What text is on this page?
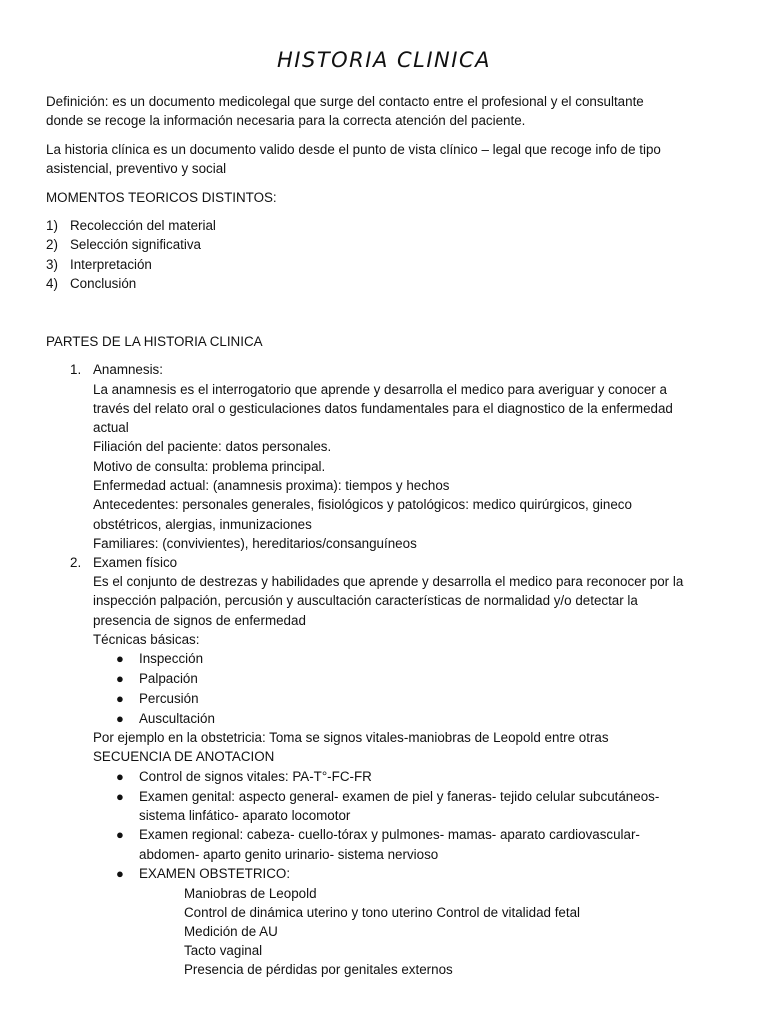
HISTORIA CLINICA
Definición: es un documento medicolegal que surge del contacto entre el profesional y el consultante
donde se recoge la información necesaria para la correcta atención del paciente.
La historia clínica es un documento valido desde el punto de vista clínico – legal que recoge info de tipo
asistencial, preventivo y social
MOMENTOS TEORICOS DISTINTOS:
1) Recolección del material
2) Selección significativa
3) Interpretación
4) Conclusión
PARTES DE LA HISTORIA CLINICA
1. Anamnesis:
La anamnesis es el interrogatorio que aprende y desarrolla el medico para averiguar y conocer a
través del relato oral o gesticulaciones datos fundamentales para el diagnostico de la enfermedad
actual
Filiación del paciente: datos personales.
Motivo de consulta: problema principal.
Enfermedad actual: (anamnesis proxima): tiempos y hechos
Antecedentes: personales generales, fisiológicos y patológicos: medico quirúrgicos, gineco
obstétricos, alergias, inmunizaciones
Familiares: (convivientes), hereditarios/consanguíneos
2. Examen físico
Es el conjunto de destrezas y habilidades que aprende y desarrolla el medico para reconocer por la
inspección palpación, percusión y auscultación características de normalidad y/o detectar la
presencia de signos de enfermedad
Técnicas básicas:
● Inspección
● Palpación
● Percusión
● Auscultación
Por ejemplo en la obstetricia: Toma se signos vitales-maniobras de Leopold entre otras
SECUENCIA DE ANOTACION
● Control de signos vitales: PA-T°-FC-FR
● Examen genital: aspecto general- examen de piel y faneras- tejido celular subcutáneos-
sistema linfático- aparato locomotor
● Examen regional: cabeza- cuello-tórax y pulmones- mamas- aparato cardiovascular-
abdomen- aparto genito urinario- sistema nervioso
● EXAMEN OBSTETRICO:
Maniobras de Leopold
Control de dinámica uterino y tono uterino Control de vitalidad fetal
Medición de AU
Tacto vaginal
Presencia de pérdidas por genitales externos
